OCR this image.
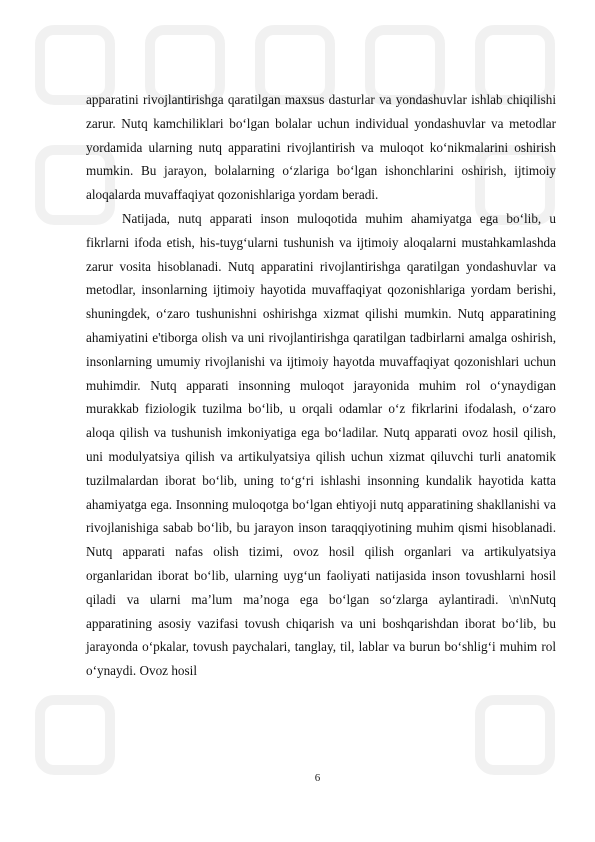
apparatini rivojlantirishga qaratilgan maxsus dasturlar va yondashuvlar ishlab chiqilishi zarur. Nutq kamchiliklari bo‘lgan bolalar uchun individual yondashuvlar va metodlar yordamida ularning nutq apparatini rivojlantirish va muloqot ko‘nikmalarini oshirish mumkin. Bu jarayon, bolalarning o‘zlariga bo‘lgan ishonchlarini oshirish, ijtimoiy aloqalarda muvaffaqiyat qozonishlariga yordam beradi.

Natijada, nutq apparati inson muloqotida muhim ahamiyatga ega bo‘lib, u fikrlarni ifoda etish, his-tuyg‘ularni tushunish va ijtimoiy aloqalarni mustahkamlashda zarur vosita hisoblanadi. Nutq apparatini rivojlantirishga qaratilgan yondashuvlar va metodlar, insonlarning ijtimoiy hayotida muvaffaqiyat qozonishlariga yordam berishi, shuningdek, o‘zaro tushunishni oshirishga xizmat qilishi mumkin. Nutq apparatining ahamiyatini e'tiborga olish va uni rivojlantirishga qaratilgan tadbirlarni amalga oshirish, insonlarning umumiy rivojlanishi va ijtimoiy hayotda muvaffaqiyat qozonishlari uchun muhimdir. Nutq apparati insonning muloqot jarayonida muhim rol o‘ynaydigan murakkab fiziologik tuzilma bo‘lib, u orqali odamlar o‘z fikrlarini ifodalash, o‘zaro aloqa qilish va tushunish imkoniyatiga ega bo‘ladilar. Nutq apparati ovoz hosil qilish, uni modulyatsiya qilish va artikulyatsiya qilish uchun xizmat qiluvchi turli anatomik tuzilmalardan iborat bo‘lib, uning to‘g‘ri ishlashi insonning kundalik hayotida katta ahamiyatga ega. Insonning muloqotga bo‘lgan ehtiyoji nutq apparatining shakllanishi va rivojlanishiga sabab bo‘lib, bu jarayon inson taraqqiyotining muhim qismi hisoblanadi. Nutq apparati nafas olish tizimi, ovoz hosil qilish organlari va artikulyatsiya organlaridan iborat bo‘lib, ularning uyg‘un faoliyati natijasida inson tovushlarni hosil qiladi va ularni ma’lum ma’noga ega bo‘lgan so‘zlarga aylantiradi. \n\nNutq apparatining asosiy vazifasi tovush chiqarish va uni boshqarishdan iborat bo‘lib, bu jarayonda o‘pkalar, tovush paychalari, tanglay, til, lablar va burun bo‘shlig‘i muhim rol o‘ynaydi. Ovoz hosil

6
